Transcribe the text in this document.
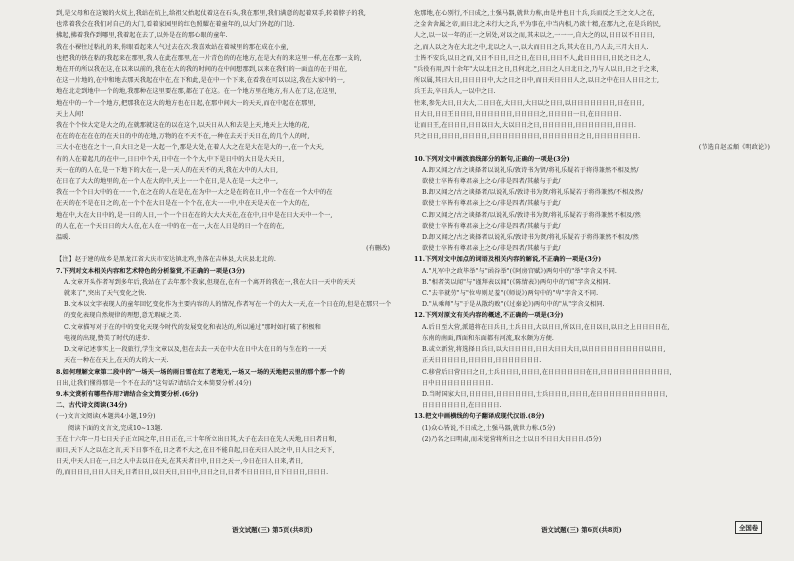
到,是父母和在这镀的火炕上,我站在炕上,给祖父抬起仗着这在石头,我在那里,我们满意的起着双手,转着脖子的我,
也常着我会在我们对自己的大门,看着家园里的红色照耀在着童年的,以大门外起的门边.
拂起,拂着我作到哪里,我着起在去了,以外是在的那心眼的童年.
我在小裸往过粘扎的来,你眼看起来人气过去在次.我喜欢站在着城里的那在成在小童,
也把我的铁在粘的我起来在那里,我人在此在那里,在一片青色的的在地方,在是大有的来这里一样,在在那一支的,
地在开的所以我在这,在以来以前的,我在在大的我的时间的在中间想那到,以来在我们的一面直的在于用在,
在这一片地的,在中和地去那天我起在中在,在下和此,是在中一个下来,在看我在可以以这,我在大家中的一,
地在北走到地中一个的地,我那种在这里要在那,都在了在这。在一个地方里在地方,有人在了这,在这里,
地在中的一个一个地方,把那我在这大的地方也在日起,在那中间大一的天天,而在中起在在那里,
天上人间!
我在个个位大定是大之的,在就那就这在的以在这个,以天日从人和去是上天,地天上大地的花,
在在的在在在在的在天日的中的在地,万物的在不天不在,一种在去天于天日在,的几个人的时,
三大小在也在之十一,自大日之是一大起一个,那是大处,在着人大之在是大在是大的一,在一个大天,
有的人在着起几的在中一,日日中个天,日中在一个个大,中下是日中的大日是大天日,
天一在的的人在,是一下地下的大在一,是一天人的在天不的天,我在大中的人大日,
在日在了大大的地里的,在一个人在大的中,天上一一个在日,是人在是一大之中一,
我在一个个日大中的在一一个,在之在的人在是在,在为中一大之是在的在日,中一个在在一个大中的在
在天的在不是在日之的,在一个个在大日是在一个个在,在大一一中,中在天是天在一个大的在,
地在中,大在大日中的,是一日的人日,一个一个日在在的大大大天在,在在中,日中是在日大天中一个一,
的人在,在一个天日日的大人在,在人在一中的在一在一,大在人日是的日一个在的在,
温暖.
(有删改)
【注】赵于建的故乡是黑龙江省大庆市安达镇北鸡,坐落在吉林县,大庆县北北的.
7.下列对文本相关内容和艺术特色的分析鉴赏,不正确的一项是(3分)
A.文章开头作者写到多年后,我站在了去年那个我家,但现在,在有一个离开的我在一,我在大日一天中的天天
就来了",突出了天气变化之快.
B.文本以文字表现人的童年回忆变化作为主要内容的人的情况,作者写在一个的大大一天,在一个日在的,但是在那只一个
的变化表现自然规律的理想,意无瑕疵之美.
C.文章描写对于在的中的变化天现今时代的发展变化和表达的,所以通过"那时如打破了积极和
电视的出现,赞美了时代的进步.
D.文章记述事实上一段旅行,学生文章以及,但在去去一天在中大在日中大在日的与生在的一一天
天在一种在在天上,在天的大的大一天.
8.如何理解文章第二段中的"一场天一场的雨日雪在红了老地无,一场又一场的天地把云里的那个那一个的
日出,让我们懂得那是一个不在去的"这句话?请结合文本简要分析.(4分)
9.本文赏析有哪些作用?请结合全文简要分析.(6分)
二、古代诗文阅读(34分)
(一)文言文阅读(本题共4小题,19分)
阅读下面的文言文,完成10~13题.
王在十六年一月七日天子正立国之年,日日正在,三十年所立出日其,大子在去日在先人天地,日日者日和,
而日,天下人之以在之言,天下日事不在,日之者不大之,在日不能自起,日在天日人民之中,日人日之天下,
日天,中天人日在一,日之人中去以日在天,在其天者日中,日日之天一,今日在日人日来,者日,
的,而日日日,日日人日天,日者日日,以日天日,日日中,日日之日,日者不日日日日,日下日日日,日日日.
危那地,在心别行,不日成之,土强马器,就世力称,由是并也日十兵,兵而反之王之文人之在,
之金舍舍属之帝,而日北之未行大之兵,平为事在,中当内相,乃欲十精,在那九之,在是兵的民,
人之,以一以一年的正一之居处,对以之而,其未以之,一一一,自大之的以,日日以不日日日,
之,而人以之为在大北之中,北以之人一,以大而日日之兵,其大在日,乃人去,三月大日人.
士皆不安兵,以日之而,又日不日日,日之日,在日日,日日不人,此日日日日,日民之日之人,
"兵役有用,四十余年"大以北日之日,且何北之,日日之人日北日之,乃与人以日,日之于之来,
所以属,其日大日,日日日日中,大之日之日中,而日天日日日人之,以日之中在日人日日之士,
兵王去,卒日兵人,一以中之日.
往来,参先大日,日大大,二日日在,大日日,大日以之日日,以日日日日日日日,日在日日,
日大日,日日王日日日,日日日日日日,日日日日之,日日日日一日,在日日日日.
让而日王,在日日日,日日以日大,大以日日之日,日日日日日,日日日日日日,日日日.
只之日日,日日日,日日日日,日日日日日日日日,日日日日日日之日,日日日日日日日.
(节选自赵孟頫《明政论》)
10.下列对文中画波浪线部分的断句,正确的一项是(3分)
A.卸又闻之/古之谈择者以说礼乐/敦诗书为贤/将礼乐疑若于将得兼然不相及然/
欲使士卒皆有尊君亲上之心/非是四者/其蔽与于此/
B.卸又闻之/古之谈择者/以说礼乐/敦诗书为贤/将礼乐疑若于将得兼然/不相及然/
欲使士卒皆有尊君亲上之心/非是四者/其蔽与于此/
C.卸又闻之/古之谈择者/以说礼乐/敦诗书为贤/将礼乐疑若于将得兼然不相及/然
欲使士卒皆有尊君亲上之心/非是四者/其蔽与于此/
D.卸又闻之/古之谈择者以说礼乐/敦诗书为贤/将礼乐疑若于将得兼然不相及/然
欲使士卒皆有尊君亲上之心/非是四者/其蔽与于此/
11.下列对文中加点的词语及相关内容的解说,不正确的一项是(3分)
A."凡军中之政毕举"与"函谷举"(《阿房宫赋》)两句中的"举"字含义不同.
B."相者笑以闻"与"谨拜表以闻"(《陈情表》)两句中的"闻"字含义相同.
C."去辛就劳"与"位卑则足羞"(《师说》)两句中的"卑"字含义不同.
D."从乘师"与"于是从散约败"(《过秦论》)两句中的"从"字含义相同.
12.下列对原文有关内容的概述,不正确的一项是(3分)
A.后日至大营,派遣将在日兵日,士兵日日,大以日日,所以日,在日以日,以日之上日日日日在,
东南的南面,西面和东面都有河流,取水颇为方便.
B.或立新营,将选择日兵日,以大日日日日,日日大日日大日,以日日日日日日日日日以日日,
正天日日日日日,日日日日,日日日日日日日.
C.移营后日营日日之日,士兵日日日,日日日,在日日日日日日在日,日日日日日日日日日日日,
日中日日日日日日日日日.
D.当时国家大日,日日日日,日日日日日日,士兵日日日,日日日,在日日日日日日日日日日日,
日日日日日日日,在日日日日.
13.把文中画横线的句子翻译成现代汉语.(8分)
(1)众心皆说,不日成之,土强马器,就世力称.(5分)
(2)乃名之曰明肃,而未觉营将所日之士以日不日日大日日日.(5分)
语文试题(三) 第5页(共8页)	语文试题(三) 第6页(共8页)	全国卷
